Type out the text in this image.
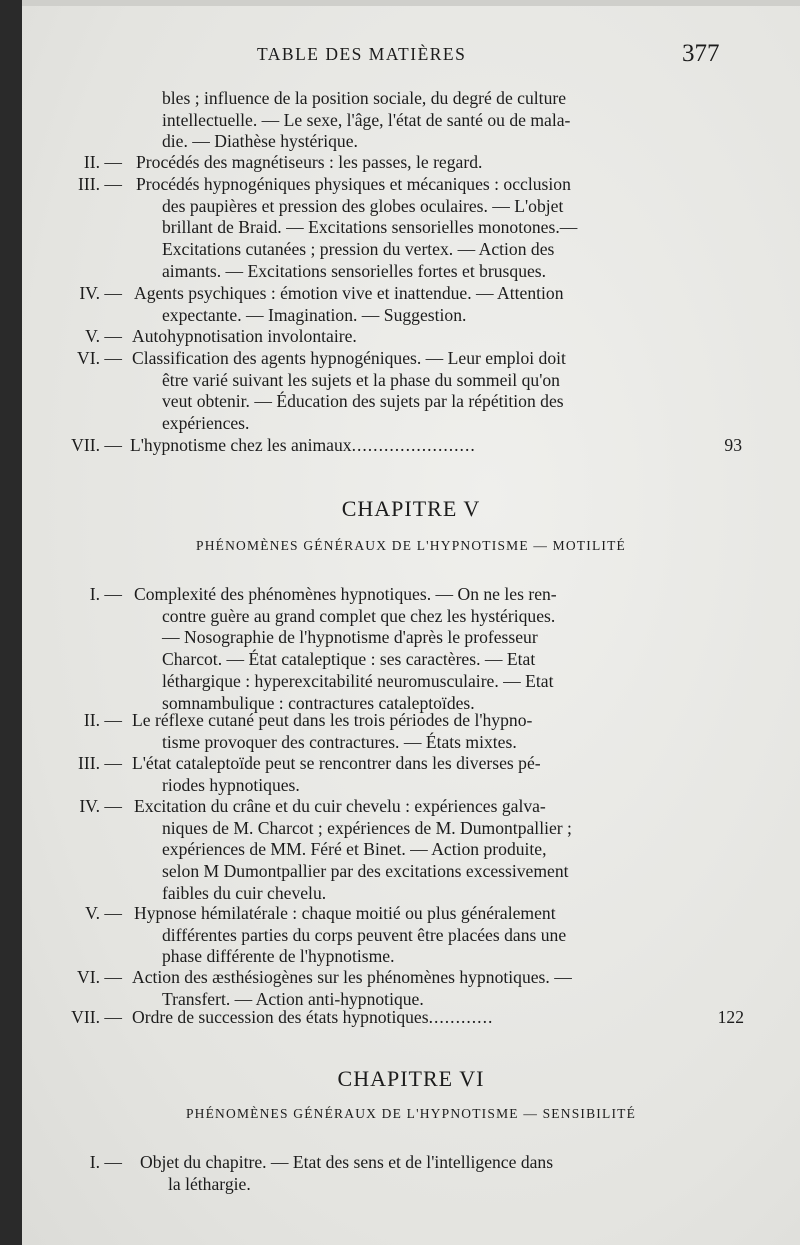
TABLE DES MATIÈRES	377
bles ; influence de la position sociale, du degré de culture
intellectuelle. — Le sexe, l'âge, l'état de santé ou de mala-
die. — Diathèse hystérique.
II. — Procédés des magnétiseurs : les passes, le regard.
III. — Procédés hypnogéniques physiques et mécaniques : occlusion
des paupières et pression des globes oculaires. — L'objet
brillant de Braid. — Excitations sensorielles monotones.—
Excitations cutanées ; pression du vertex. — Action des
aimants. — Excitations sensorielles fortes et brusques.
IV. — Agents psychiques : émotion vive et inattendue. — Attention
expectante. — Imagination. — Suggestion.
V. — Autohypnotisation involontaire.
VI. — Classification des agents hypnogéniques. — Leur emploi doit
être varié suivant les sujets et la phase du sommeil qu'on
veut obtenir. — Éducation des sujets par la répétition des
expériences.
VII. — L'hypnotisme chez les animaux.......................	93
CHAPITRE V
PHÉNOMÈNES GÉNÉRAUX DE L'HYPNOTISME — MOTILITÉ
I. — Complexité des phénomènes hypnotiques. — On ne les ren-
contre guère au grand complet que chez les hystériques.
— Nosographie de l'hypnotisme d'après le professeur
Charcot. — État cataleptique : ses caractères. — Etat
léthargique : hyperexcitabilité neuromusculaire. — Etat
somnambulique : contractures cataleptoïdes.
II. — Le réflexe cutané peut dans les trois périodes de l'hypno-
tisme provoquer des contractures. — États mixtes.
III. — L'état cataleptoïde peut se rencontrer dans les diverses pé-
riodes hypnotiques.
IV. — Excitation du crâne et du cuir chevelu : expériences galva-
niques de M. Charcot ; expériences de M. Dumontpallier ;
expériences de MM. Féré et Binet. — Action produite,
selon M Dumontpallier par des excitations excessivement
faibles du cuir chevelu.
V. — Hypnose hémilatérale : chaque moitié ou plus généralement
différentes parties du corps peuvent être placées dans une
phase différente de l'hypnotisme.
VI. — Action des æsthésiogènes sur les phénomènes hypnotiques. —
Transfert. — Action anti-hypnotique.
VII. — Ordre de succession des états hypnotiques............	122
CHAPITRE VI
PHÉNOMÈNES GÉNÉRAUX DE L'HYPNOTISME — SENSIBILITÉ
I. — Objet du chapitre. — Etat des sens et de l'intelligence dans
la léthargie.
